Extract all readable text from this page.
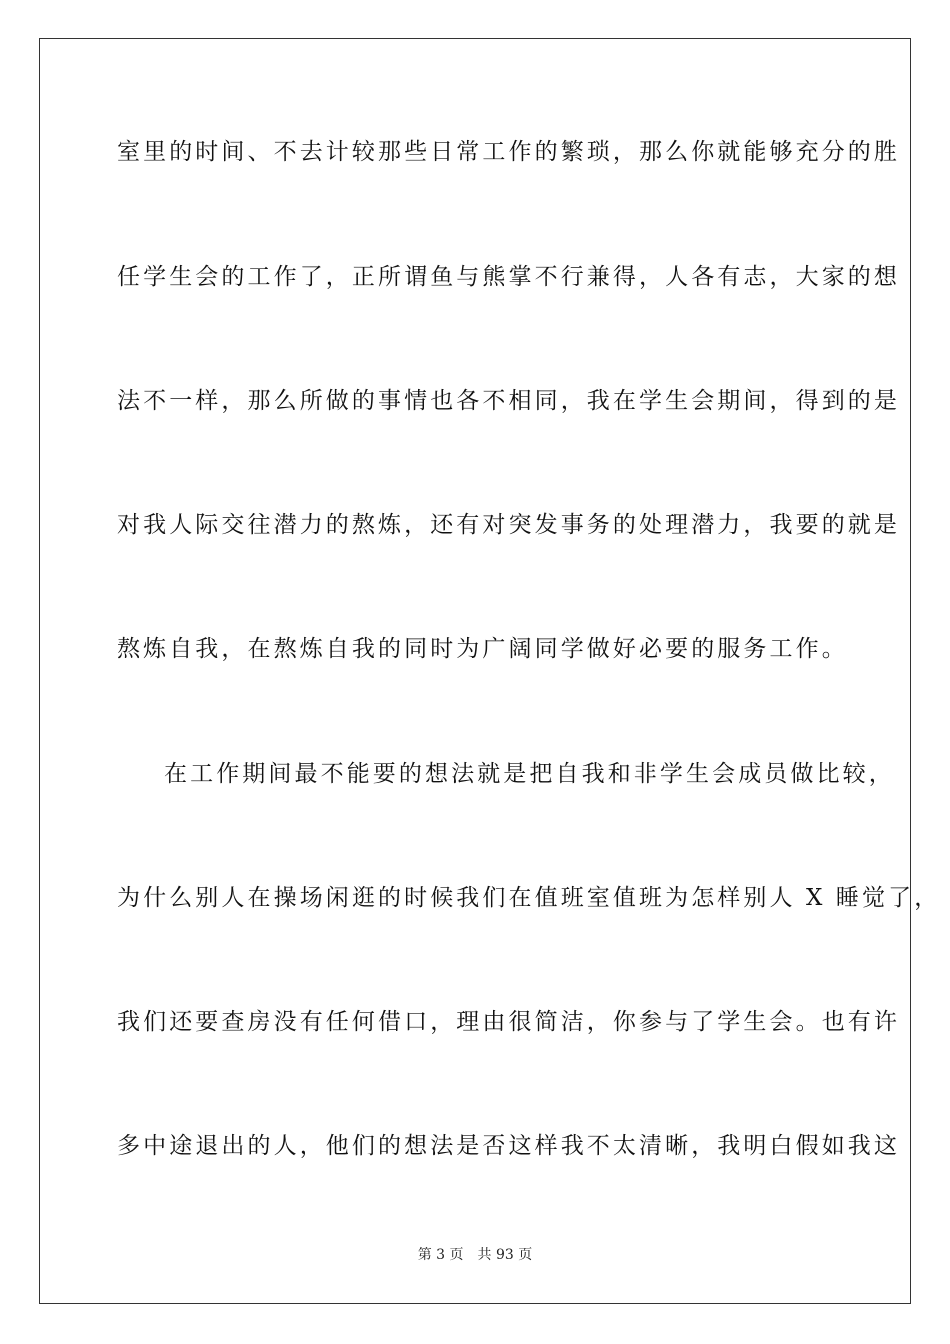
室里的时间、不去计较那些日常工作的繁琐，那么你就能够充分的胜
任学生会的工作了，正所谓鱼与熊掌不行兼得，人各有志，大家的想
法不一样，那么所做的事情也各不相同，我在学生会期间，得到的是
对我人际交往潜力的熬炼，还有对突发事务的处理潜力，我要的就是
熬炼自我，在熬炼自我的同时为广阔同学做好必要的服务工作。
在工作期间最不能要的想法就是把自我和非学生会成员做比较，
为什么别人在操场闲逛的时候我们在值班室值班为怎样别人 X 睡觉了，
我们还要查房没有任何借口，理由很简洁，你参与了学生会。也有许
多中途退出的人，他们的想法是否这样我不太清晰，我明白假如我这
第 3 页 共 93 页
